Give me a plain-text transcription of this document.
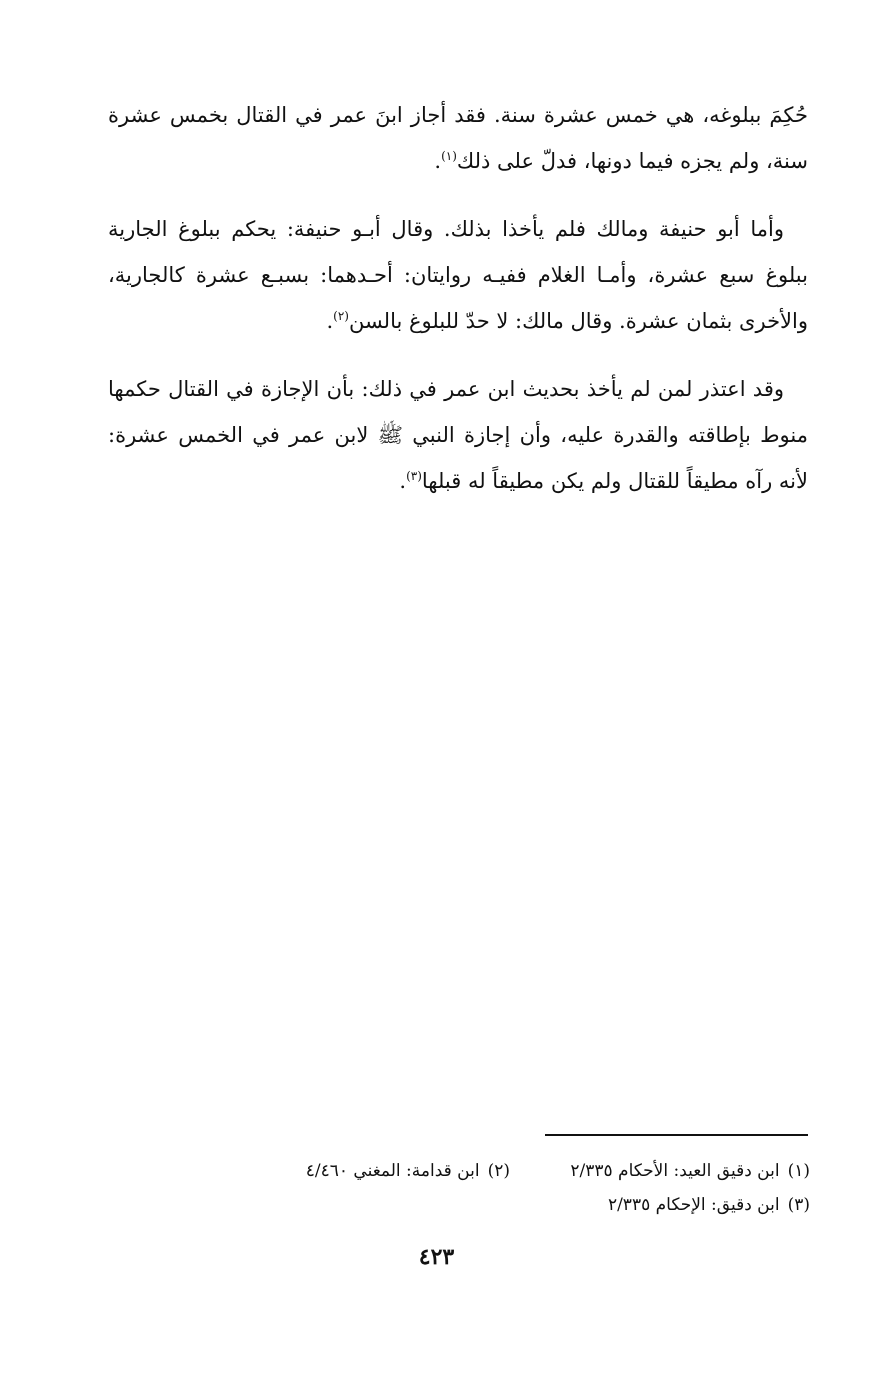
حُكِمَ ببلوغه، هي خمس عشرة سنة. فقد أجاز ابنَ عمر في القتال بخمس عشرة سنة، ولم يجزه فيما دونها، فدلّ على ذلك$^{(١)}$.

وأما أبو حنيفة ومالك فلم يأخذا بذلك. وقال أبـو حنيفة: يحكم ببلوغ الجارية ببلوغ سبع عشرة، وأمـا الغلام ففيـه روايتان: أحـدهما: بسبـع عشرة كالجارية، والأخرى بثمان عشرة. وقال مالك: لا حدّ للبلوغ بالسن$^{(٢)}$.

وقد اعتذر لمن لم يأخذ بحديث ابن عمر في ذلك: بأن الإجازة في القتال حكمها منوط بإطاقته والقدرة عليه، وأن إجازة النبي ﷺ لابن عمر في الخمس عشرة: لأنه رآه مطيقاً للقتال ولم يكن مطيقاً له قبلها$^{(٣)}$.

(١)ابن دقيق العيد: الأحكام ٢/٣٣٥
(٢)ابن قدامة: المغني ٤/٤٦٠
(٣)ابن دقيق: الإحكام ٢/٣٣٥
٤٢٣
